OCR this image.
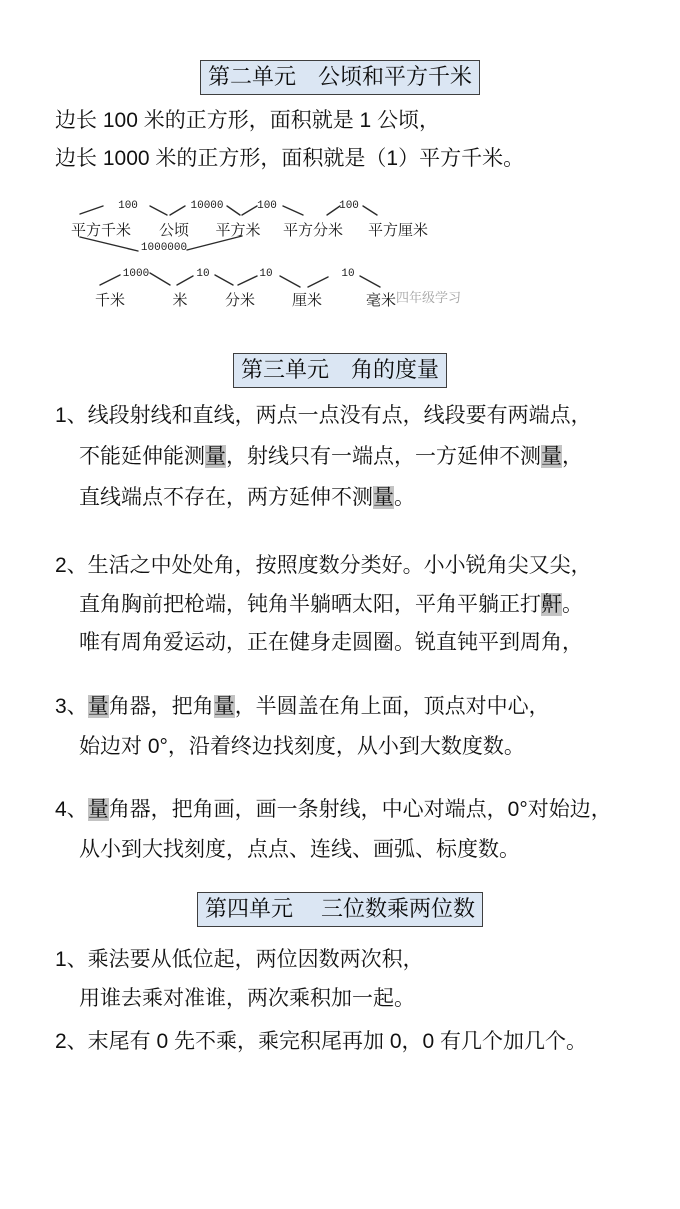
第二单元　公顷和平方千米
边长 100 米的正方形，面积就是 1 公顷，
边长 1000 米的正方形，面积就是（1）平方千米。
100	10000	100	100
平方千米 公顷 平方米 平方分米 平方厘米
1000000
1000	10	10	10
千米	米 分米 厘米	毫米 四年级学习
第三单元　角的度量
1、线段射线和直线，两点一点没有点，线段要有两端点，
不能延伸能测量，射线只有一端点，一方延伸不测量，
直线端点不存在，两方延伸不测量。
2、生活之中处处角，按照度数分类好。小小锐角尖又尖，
直角胸前把枪端，钝角半躺晒太阳，平角平躺正打鼾。
唯有周角爱运动，正在健身走圆圈。锐直钝平到周角，
3、量角器，把角量，半圆盖在角上面，顶点对中心，
始边对 0°，沿着终边找刻度，从小到大数度数。
4、量角器，把角画，画一条射线，中心对端点，0°对始边，
从小到大找刻度，点点、连线、画弧、标度数。
第四单元　 三位数乘两位数
1、乘法要从低位起，两位因数两次积，
用谁去乘对准谁，两次乘积加一起。
2、末尾有 0 先不乘，乘完积尾再加 0，0 有几个加几个。
